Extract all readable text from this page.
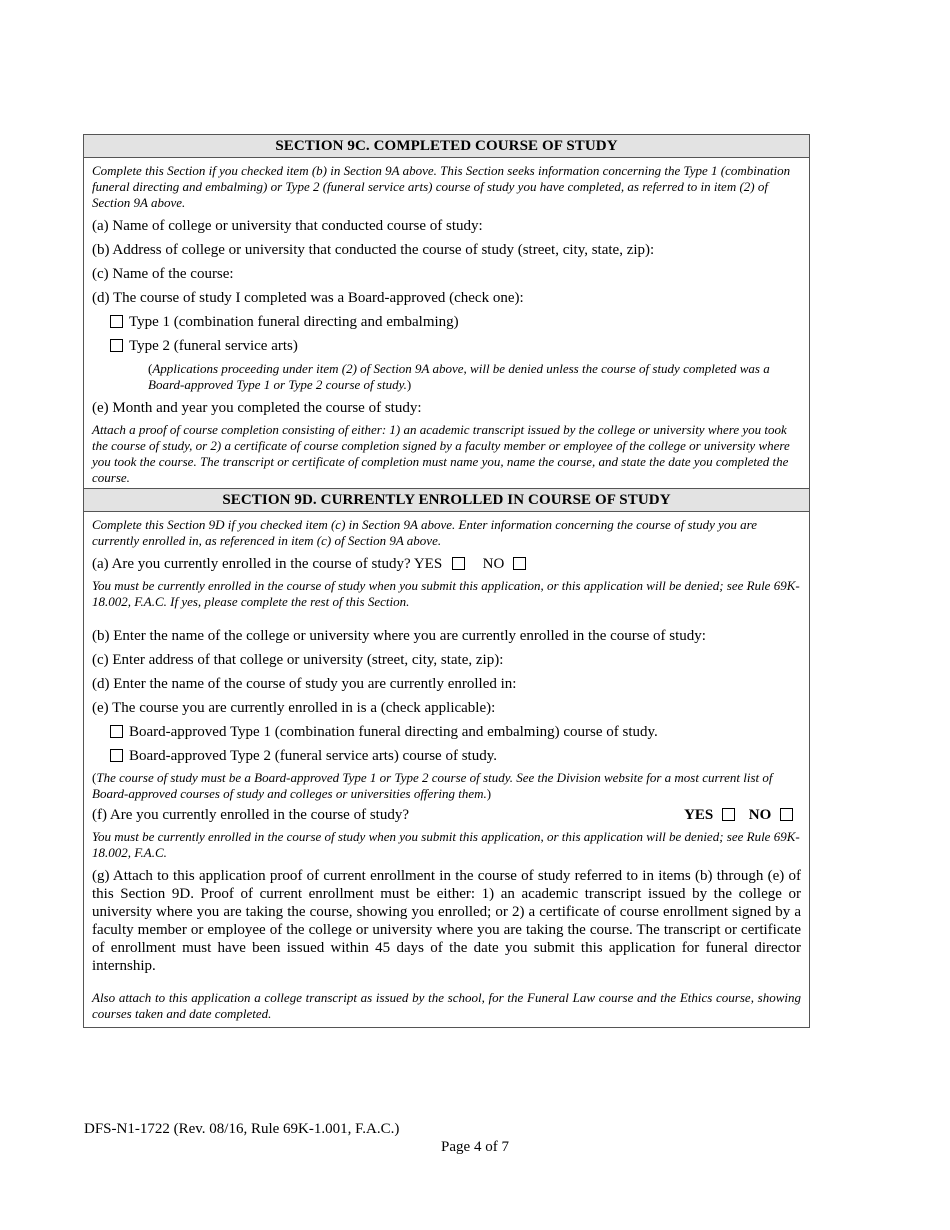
SECTION 9C. COMPLETED COURSE OF STUDY
Complete this Section if you checked item (b) in Section 9A above. This Section seeks information concerning the Type 1 (combination funeral directing and embalming) or Type 2 (funeral service arts) course of study you have completed, as referred to in item (2) of Section 9A above.
(a) Name of college or university that conducted course of study:
(b) Address of college or university that conducted the course of study (street, city, state, zip):
(c) Name of the course:
(d) The course of study I completed was a Board-approved (check one):
Type 1 (combination funeral directing and embalming)
Type 2 (funeral service arts)
(Applications proceeding under item (2) of Section 9A above, will be denied unless the course of study completed was a Board-approved Type 1 or Type 2 course of study.)
(e) Month and year you completed the course of study:
Attach a proof of course completion consisting of either: 1) an academic transcript issued by the college or university where you took the course of study, or 2) a certificate of course completion signed by a faculty member or employee of the college or university where you took the course. The transcript or certificate of completion must name you, name the course, and state the date you completed the course.
SECTION 9D. CURRENTLY ENROLLED IN COURSE OF STUDY
Complete this Section 9D if you checked item (c) in Section 9A above. Enter information concerning the course of study you are currently enrolled in, as referenced in item (c) of Section 9A above.
(a) Are you currently enrolled in the course of study? YES	NO
You must be currently enrolled in the course of study when you submit this application, or this application will be denied; see Rule 69K-18.002, F.A.C. If yes, please complete the rest of this Section.
(b) Enter the name of the college or university where you are currently enrolled in the course of study:
(c) Enter address of that college or university (street, city, state, zip):
(d) Enter the name of the course of study you are currently enrolled in:
(e) The course you are currently enrolled in is a (check applicable):
Board-approved Type 1 (combination funeral directing and embalming) course of study.
Board-approved Type 2 (funeral service arts) course of study.
(The course of study must be a Board-approved Type 1 or Type 2 course of study. See the Division website for a most current list of Board-approved courses of study and colleges or universities offering them.)
(f) Are you currently enrolled in the course of study?	YES NO
You must be currently enrolled in the course of study when you submit this application, or this application will be denied; see Rule 69K-18.002, F.A.C.
(g) Attach to this application proof of current enrollment in the course of study referred to in items (b) through (e) of this Section 9D. Proof of current enrollment must be either: 1) an academic transcript issued by the college or university where you are taking the course, showing you enrolled; or 2) a certificate of course enrollment signed by a faculty member or employee of the college or university where you are taking the course. The transcript or certificate of enrollment must have been issued within 45 days of the date you submit this application for funeral director internship.
Also attach to this application a college transcript as issued by the school, for the Funeral Law course and the Ethics course, showing courses taken and date completed.
DFS-N1-1722 (Rev. 08/16, Rule 69K-1.001, F.A.C.)
Page 4 of 7
